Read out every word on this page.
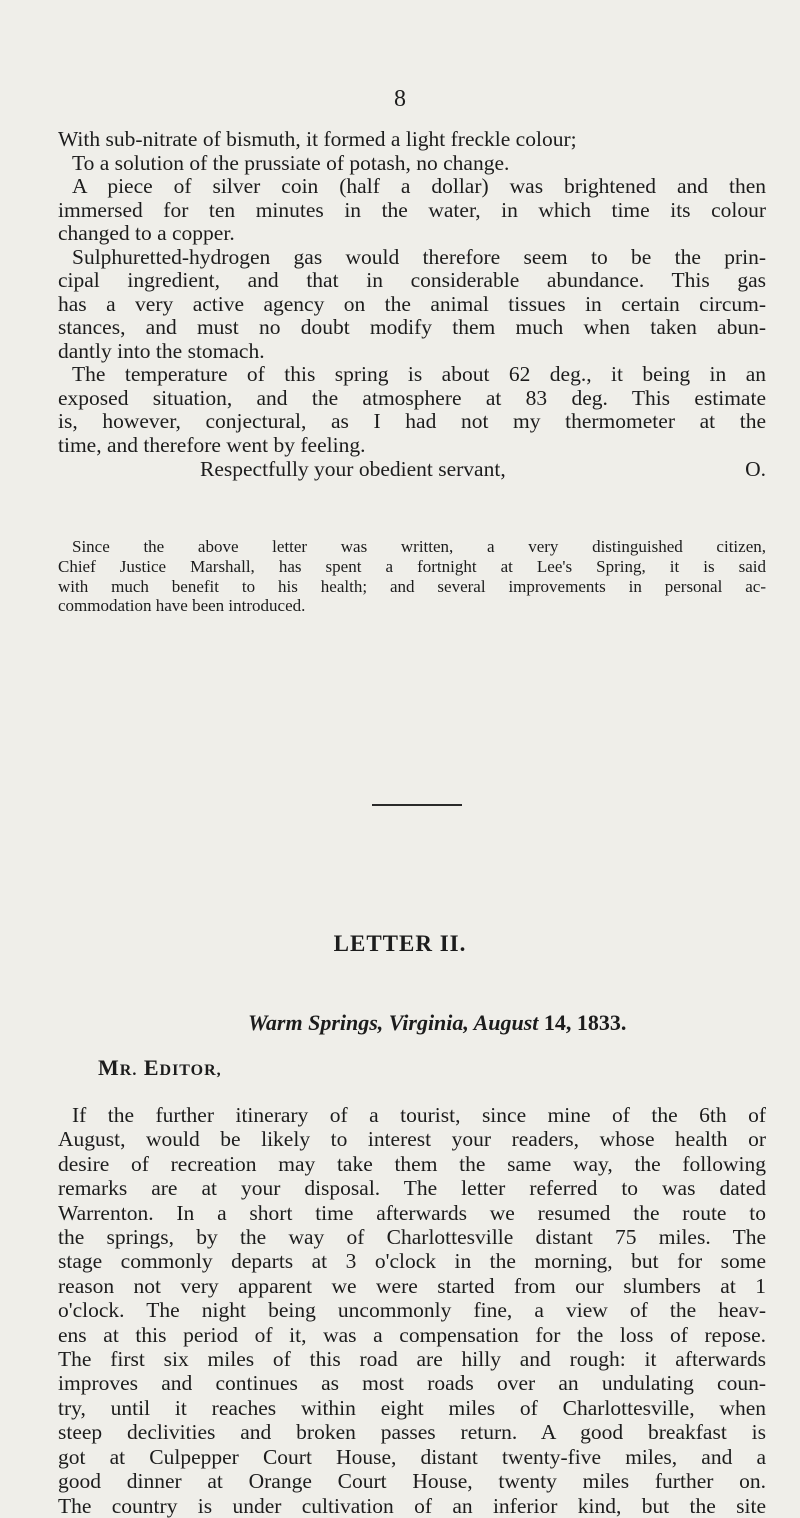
8
With sub-nitrate of bismuth, it formed a light freckle colour;
To a solution of the prussiate of potash, no change.
A piece of silver coin (half a dollar) was brightened and then
immersed for ten minutes in the water, in which time its colour
changed to a copper.
Sulphuretted-hydrogen gas would therefore seem to be the prin-
cipal ingredient, and that in considerable abundance. This gas
has a very active agency on the animal tissues in certain circum-
stances, and must no doubt modify them much when taken abun-
dantly into the stomach.
The temperature of this spring is about 62 deg., it being in an
exposed situation, and the atmosphere at 83 deg. This estimate
is, however, conjectural, as I had not my thermometer at the
time, and therefore went by feeling.
Respectfully your obedient servant,	O.
Since the above letter was written, a very distinguished citizen,
Chief Justice Marshall, has spent a fortnight at Lee's Spring, it is said
with much benefit to his health; and several improvements in personal ac-
commodation have been introduced.
LETTER II.
Warm Springs, Virginia, August 14, 1833.
MR. EDITOR,
If the further itinerary of a tourist, since mine of the 6th of
August, would be likely to interest your readers, whose health or
desire of recreation may take them the same way, the following
remarks are at your disposal. The letter referred to was dated
Warrenton. In a short time afterwards we resumed the route to
the springs, by the way of Charlottesville distant 75 miles. The
stage commonly departs at 3 o'clock in the morning, but for some
reason not very apparent we were started from our slumbers at 1
o'clock. The night being uncommonly fine, a view of the heav-
ens at this period of it, was a compensation for the loss of repose.
The first six miles of this road are hilly and rough: it afterwards
improves and continues as most roads over an undulating coun-
try, until it reaches within eight miles of Charlottesville, when
steep declivities and broken passes return. A good breakfast is
got at Culpepper Court House, distant twenty-five miles, and a
good dinner at Orange Court House, twenty miles further on.
The country is under cultivation of an inferior kind, but the site
